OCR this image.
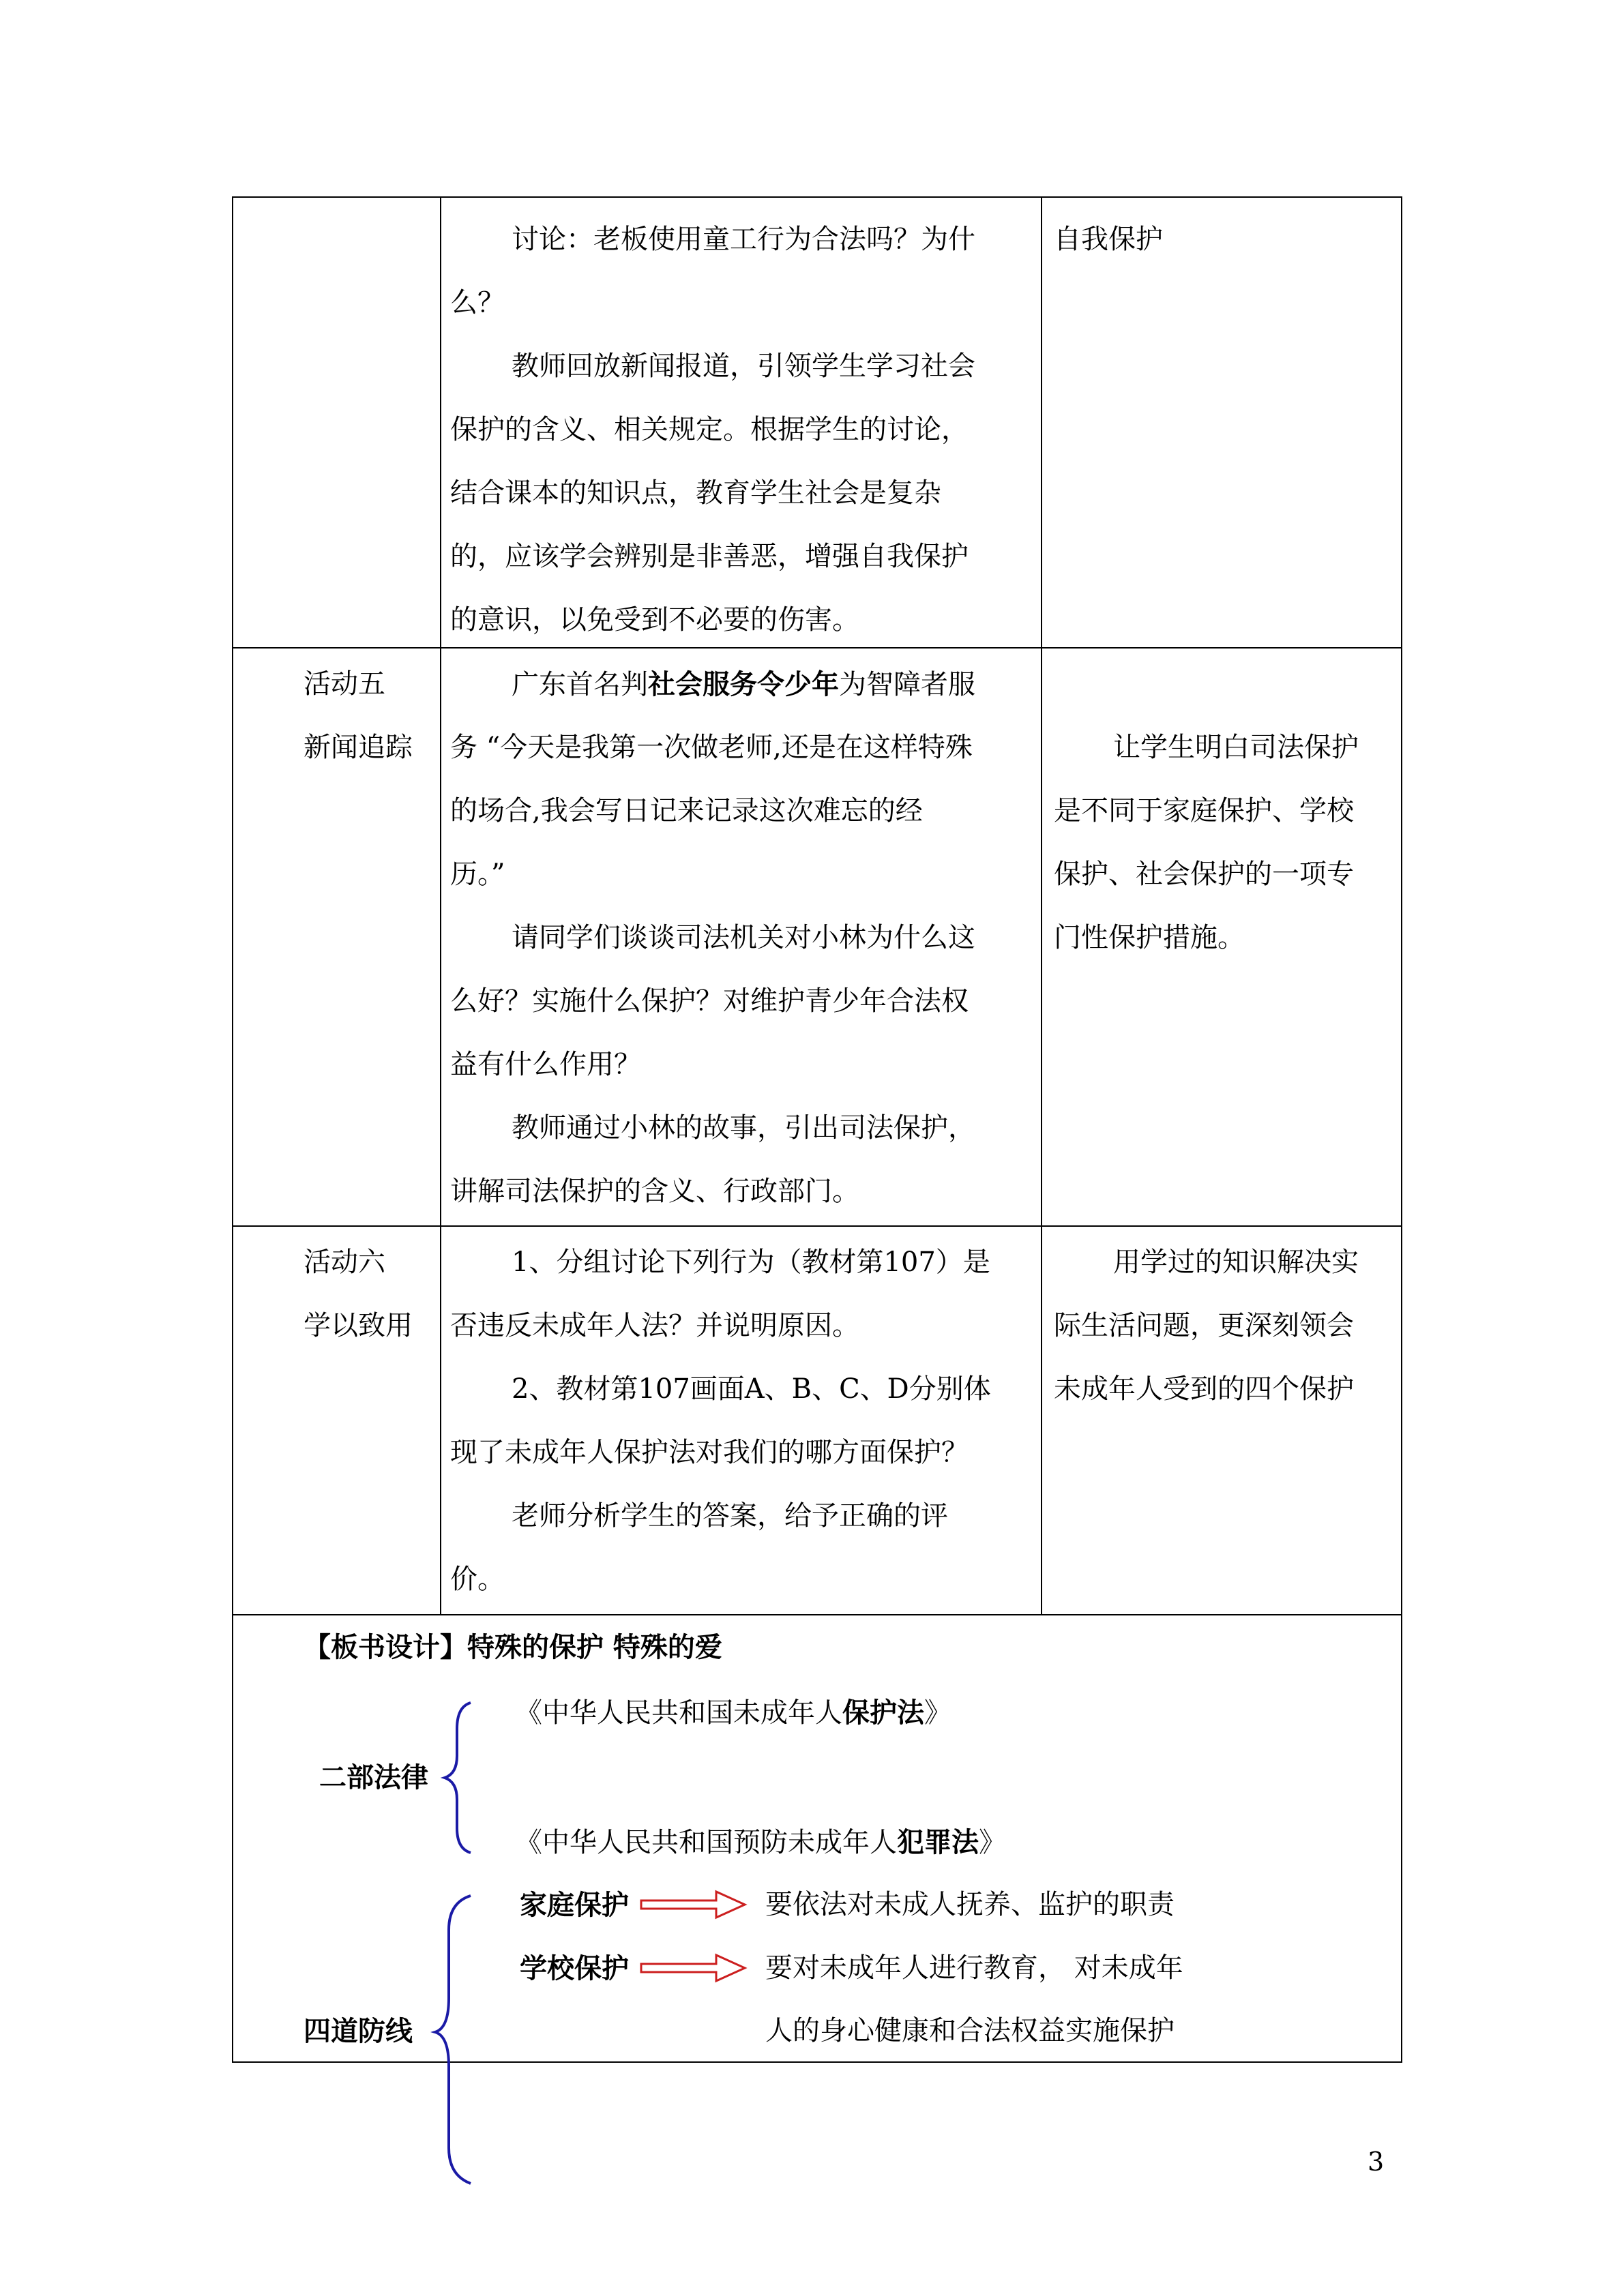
讨论：老板使用童工行为合法吗？为什
么？
教师回放新闻报道，引领学生学习社会
保护的含义、相关规定。根据学生的讨论，
结合课本的知识点，教育学生社会是复杂
的，应该学会辨别是非善恶，增强自我保护
的意识，以免受到不必要的伤害。
自我保护
活动五
新闻追踪
广东首名判社会服务令少年为智障者服
务 “今天是我第一次做老师,还是在这样特殊
的场合,我会写日记来记录这次难忘的经
历。”
请同学们谈谈司法机关对小林为什么这
么好？实施什么保护？对维护青少年合法权
益有什么作用？
教师通过小林的故事，引出司法保护，
讲解司法保护的含义、行政部门。
让学生明白司法保护
是不同于家庭保护、学校
保护、社会保护的一项专
门性保护措施。
活动六
学以致用
1、分组讨论下列行为（教材第107）是
否违反未成年人法？并说明原因。
2、教材第107画面A、B、C、D分别体
现了未成年人保护法对我们的哪方面保护？
老师分析学生的答案，给予正确的评
价。
用学过的知识解决实
际生活问题，更深刻领会
未成年人受到的四个保护
【板书设计】特殊的保护 特殊的爱
二部法律
《中华人民共和国未成年人保护法》
《中华人民共和国预防未成年人犯罪法》
家庭保护	要依法对未成人抚养、监护的职责
学校保护	要对未成年人进行教育， 对未成年
人的身心健康和合法权益实施保护
四道防线
3
